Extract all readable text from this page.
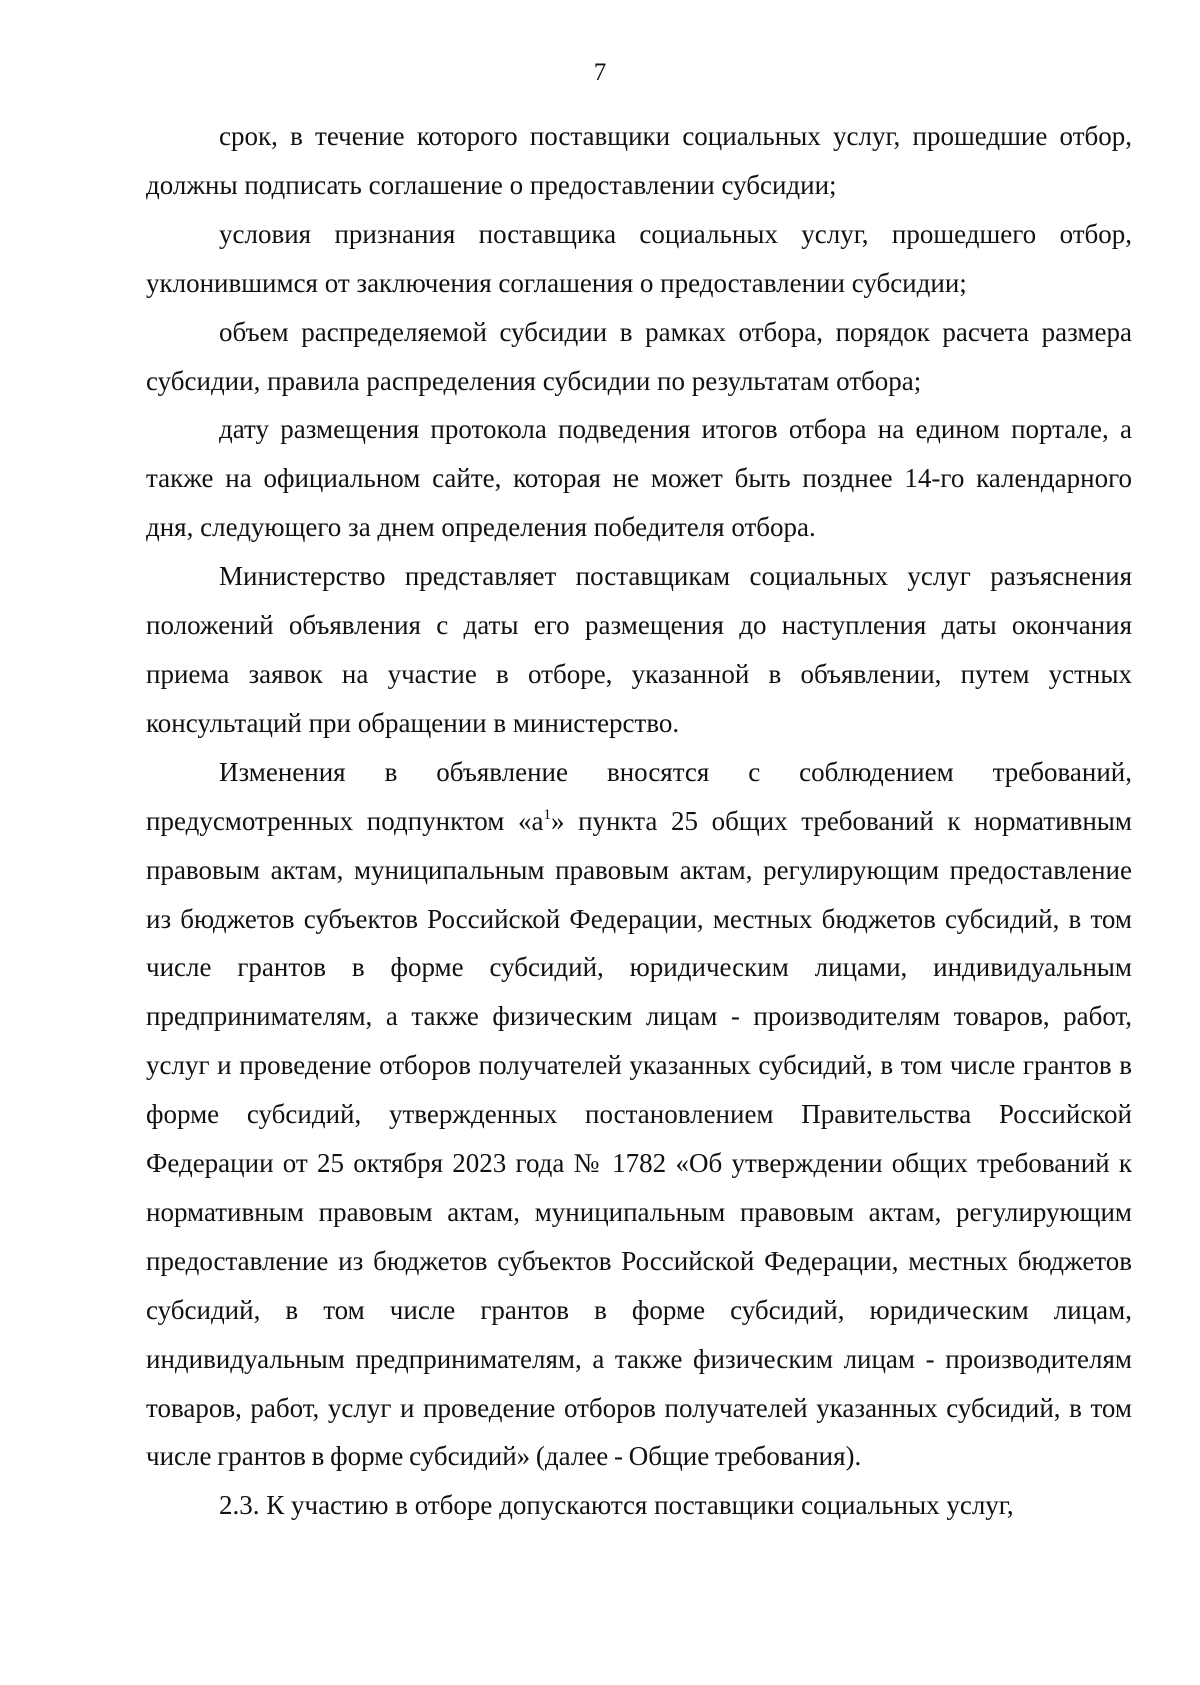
7

срок, в течение которого поставщики социальных услуг, прошедшие отбор, должны подписать соглашение о предоставлении субсидии;

условия признания поставщика социальных услуг, прошедшего отбор, уклонившимся от заключения соглашения о предоставлении субсидии;

объем распределяемой субсидии в рамках отбора, порядок расчета размера субсидии, правила распределения субсидии по результатам отбора;

дату размещения протокола подведения итогов отбора на едином портале, а также на официальном сайте, которая не может быть позднее 14-го календарного дня, следующего за днем определения победителя отбора.

Министерство представляет поставщикам социальных услуг разъяснения положений объявления с даты его размещения до наступления даты окончания приема заявок на участие в отборе, указанной в объявлении, путем устных консультаций при обращении в министерство.

Изменения в объявление вносятся с соблюдением требований, предусмотренных подпунктом «$а^1$» пункта 25 общих требований к нормативным правовым актам, муниципальным правовым актам, регулирующим предоставление из бюджетов субъектов Российской Федерации, местных бюджетов субсидий, в том числе грантов в форме субсидий, юридическим лицами, индивидуальным предпринимателям, а также физическим лицам - производителям товаров, работ, услуг и проведение отборов получателей указанных субсидий, в том числе грантов в форме субсидий, утвержденных постановлением Правительства Российской Федерации от 25 октября 2023 года № 1782 «Об утверждении общих требований к нормативным правовым актам, муниципальным правовым актам, регулирующим предоставление из бюджетов субъектов Российской Федерации, местных бюджетов субсидий, в том числе грантов в форме субсидий, юридическим лицам, индивидуальным предпринимателям, а также физическим лицам - производителям товаров, работ, услуг и проведение отборов получателей указанных субсидий, в том числе грантов в форме субсидий» (далее - Общие требования).

2.3. К участию в отборе допускаются поставщики социальных услуг,
